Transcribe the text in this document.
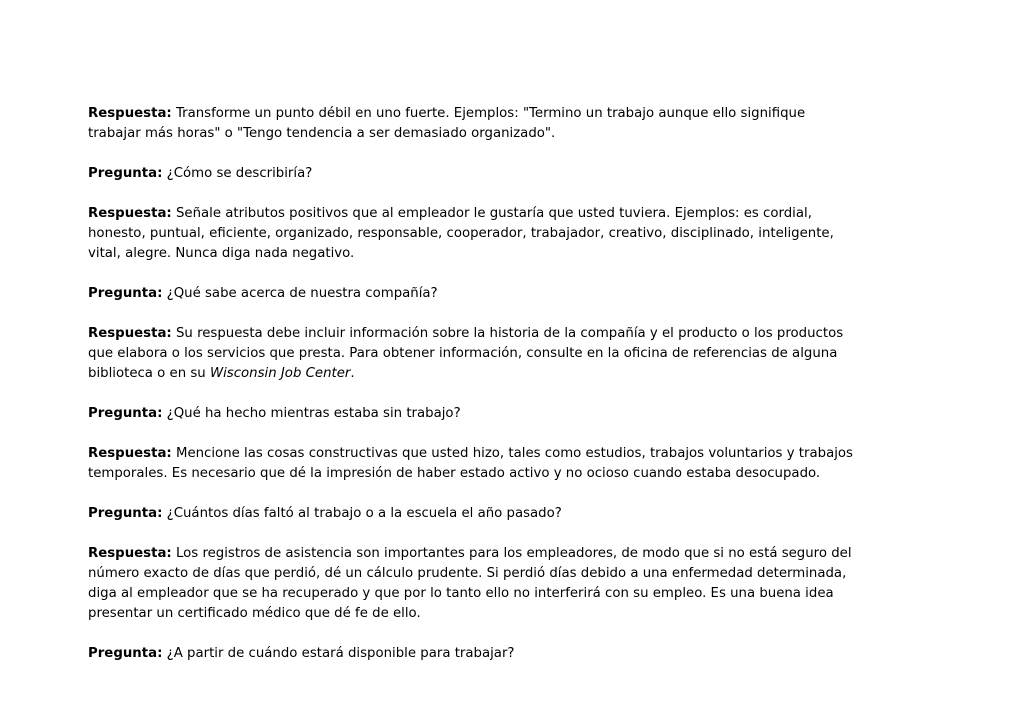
Respuesta: Transforme un punto débil en uno fuerte. Ejemplos: "Termino un trabajo aunque ello signifique
trabajar más horas" o "Tengo tendencia a ser demasiado organizado".

Pregunta: ¿Cómo se describiría?

Respuesta: Señale atributos positivos que al empleador le gustaría que usted tuviera. Ejemplos: es cordial,
honesto, puntual, eficiente, organizado, responsable, cooperador, trabajador, creativo, disciplinado, inteligente,
vital, alegre. Nunca diga nada negativo.

Pregunta: ¿Qué sabe acerca de nuestra compañía?

Respuesta: Su respuesta debe incluir información sobre la historia de la compañía y el producto o los productos
que elabora o los servicios que presta. Para obtener información, consulte en la oficina de referencias de alguna
biblioteca o en su Wisconsin Job Center.

Pregunta: ¿Qué ha hecho mientras estaba sin trabajo?

Respuesta: Mencione las cosas constructivas que usted hizo, tales como estudios, trabajos voluntarios y trabajos
temporales. Es necesario que dé la impresión de haber estado activo y no ocioso cuando estaba desocupado.

Pregunta: ¿Cuántos días faltó al trabajo o a la escuela el año pasado?

Respuesta: Los registros de asistencia son importantes para los empleadores, de modo que si no está seguro del
número exacto de días que perdió, dé un cálculo prudente. Si perdió días debido a una enfermedad determinada,
diga al empleador que se ha recuperado y que por lo tanto ello no interferirá con su empleo. Es una buena idea
presentar un certificado médico que dé fe de ello.

Pregunta: ¿A partir de cuándo estará disponible para trabajar?
